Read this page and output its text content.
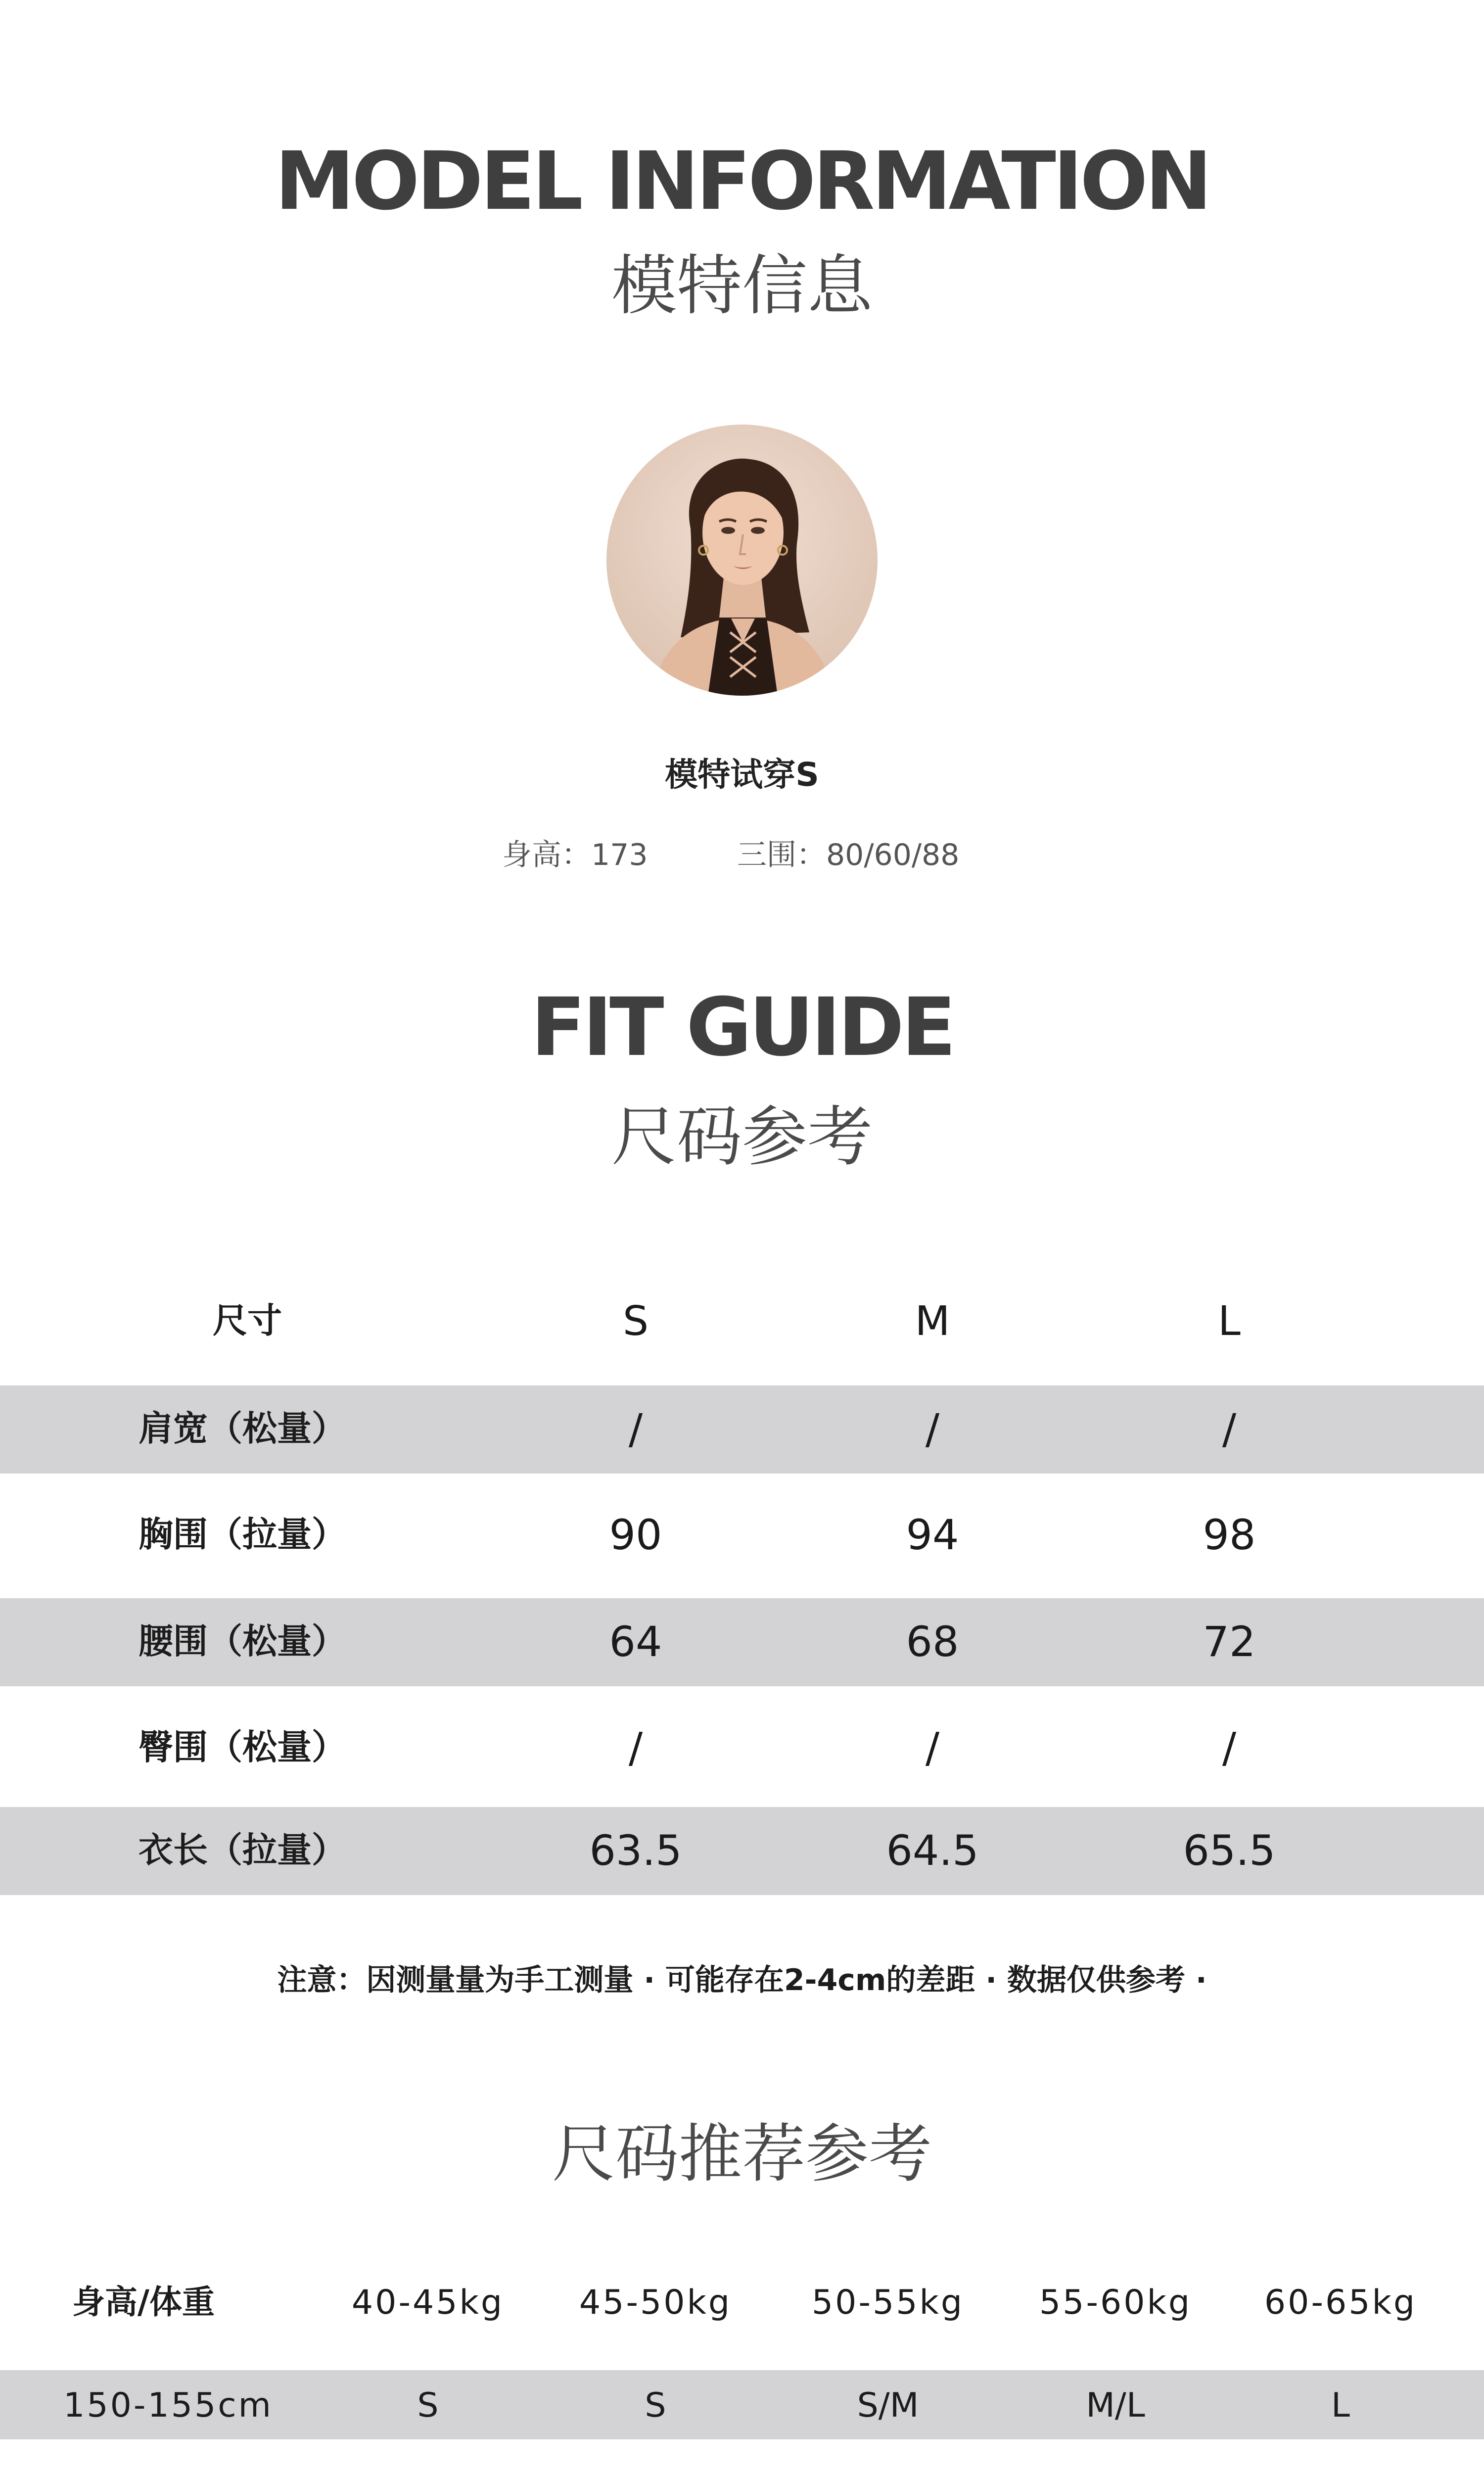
MODEL INFORMATION
模特信息
模特试穿S
身高：173	三围：80/60/88
FIT GUIDE
尺码参考
尺寸	S	M	L
肩宽（松量）	/	/	/
胸围（拉量）	90	94	98
腰围（松量）	64	68	72
臀围（松量）	/	/	/
衣长（拉量）	63.5	64.5	65.5
注意：因测量量为手工测量 · 可能存在2-4cm的差距 · 数据仅供参考 ·
尺码推荐参考
身高/体重	40-45kg	45-50kg	50-55kg	55-60kg	60-65kg
150-155cm	S	S	S/M	M/L	L
